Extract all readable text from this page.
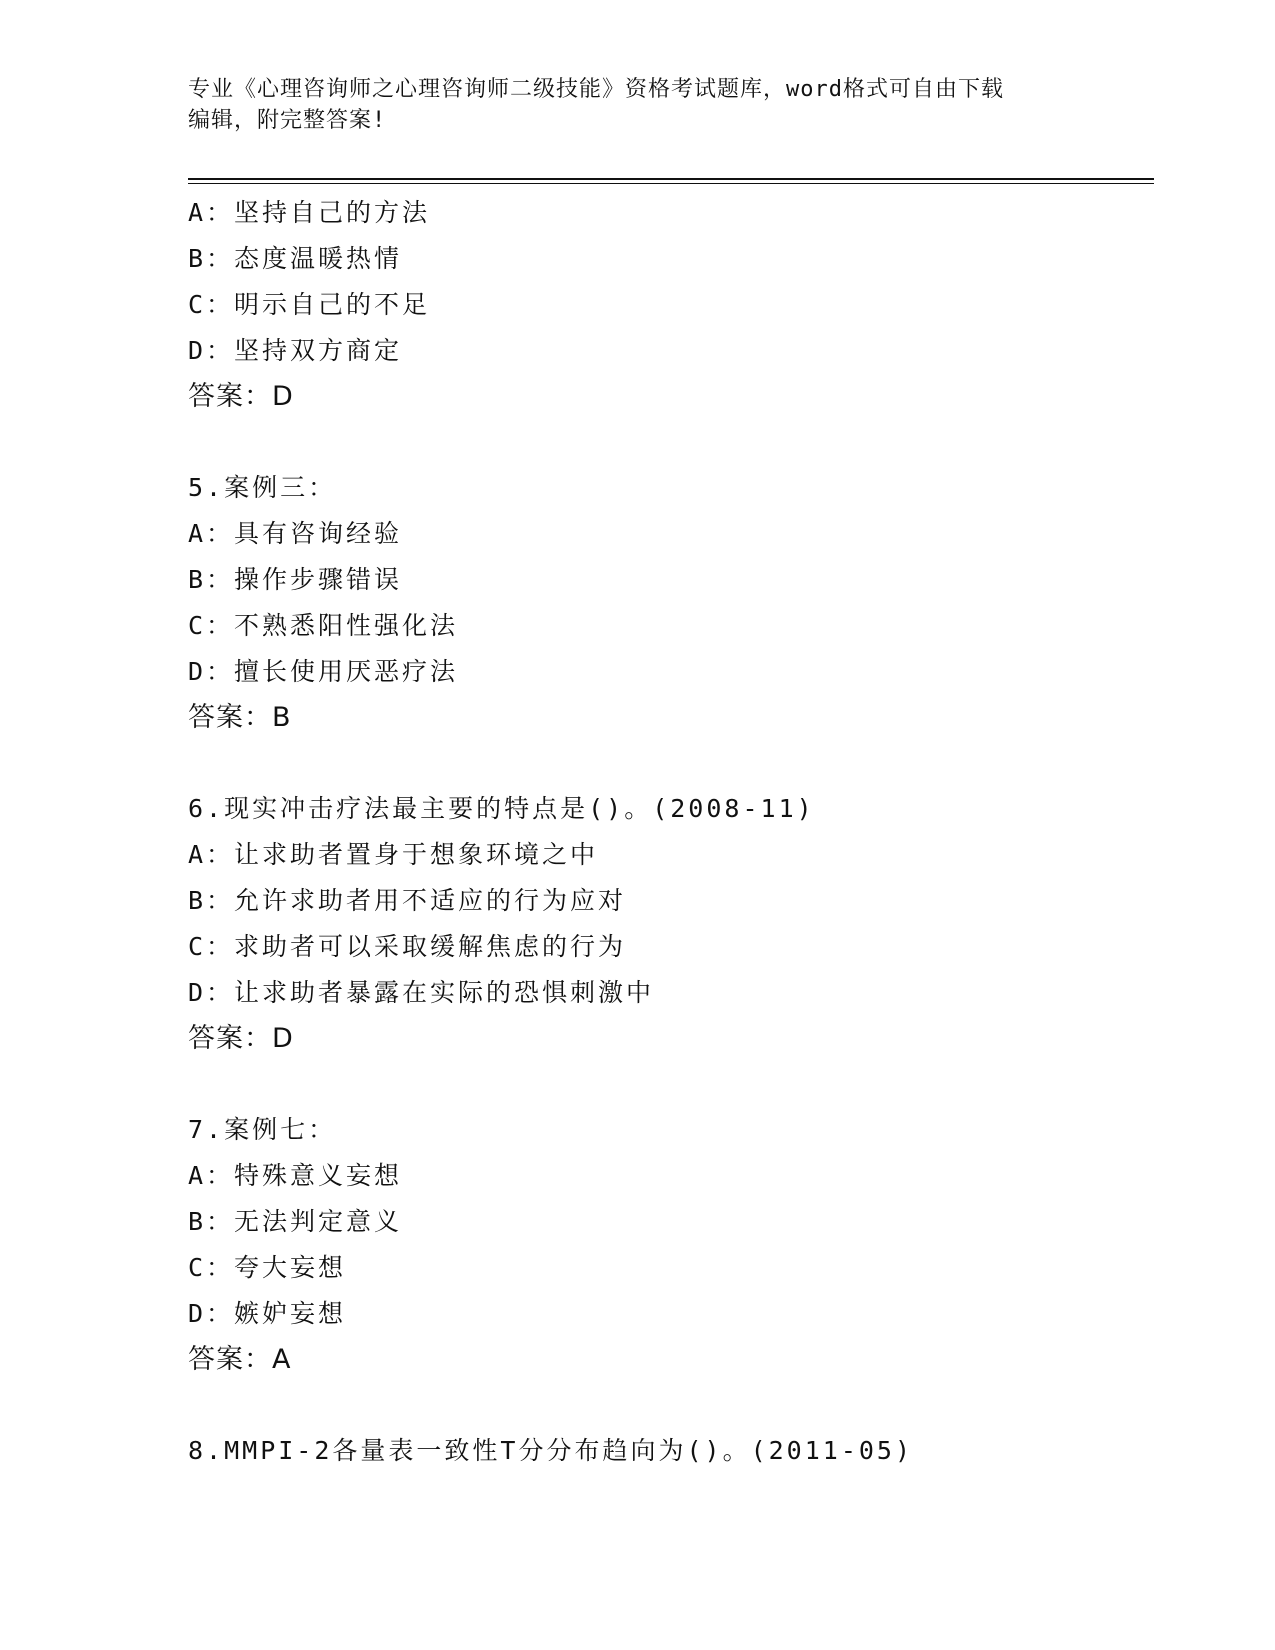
专业《心理咨询师之心理咨询师二级技能》资格考试题库，word格式可自由下载
编辑，附完整答案!
A：坚持自己的方法
B：态度温暖热情
C：明示自己的不足
D：坚持双方商定
答案：D
5.案例三：
A：具有咨询经验
B：操作步骤错误
C：不熟悉阳性强化法
D：擅长使用厌恶疗法
答案：B
6.现实冲击疗法最主要的特点是()。(2008-11)
A：让求助者置身于想象环境之中
B：允许求助者用不适应的行为应对
C：求助者可以采取缓解焦虑的行为
D：让求助者暴露在实际的恐惧刺激中
答案：D
7.案例七：
A：特殊意义妄想
B：无法判定意义
C：夸大妄想
D：嫉妒妄想
答案：A
8.MMPI-2各量表一致性T分分布趋向为()。(2011-05)
